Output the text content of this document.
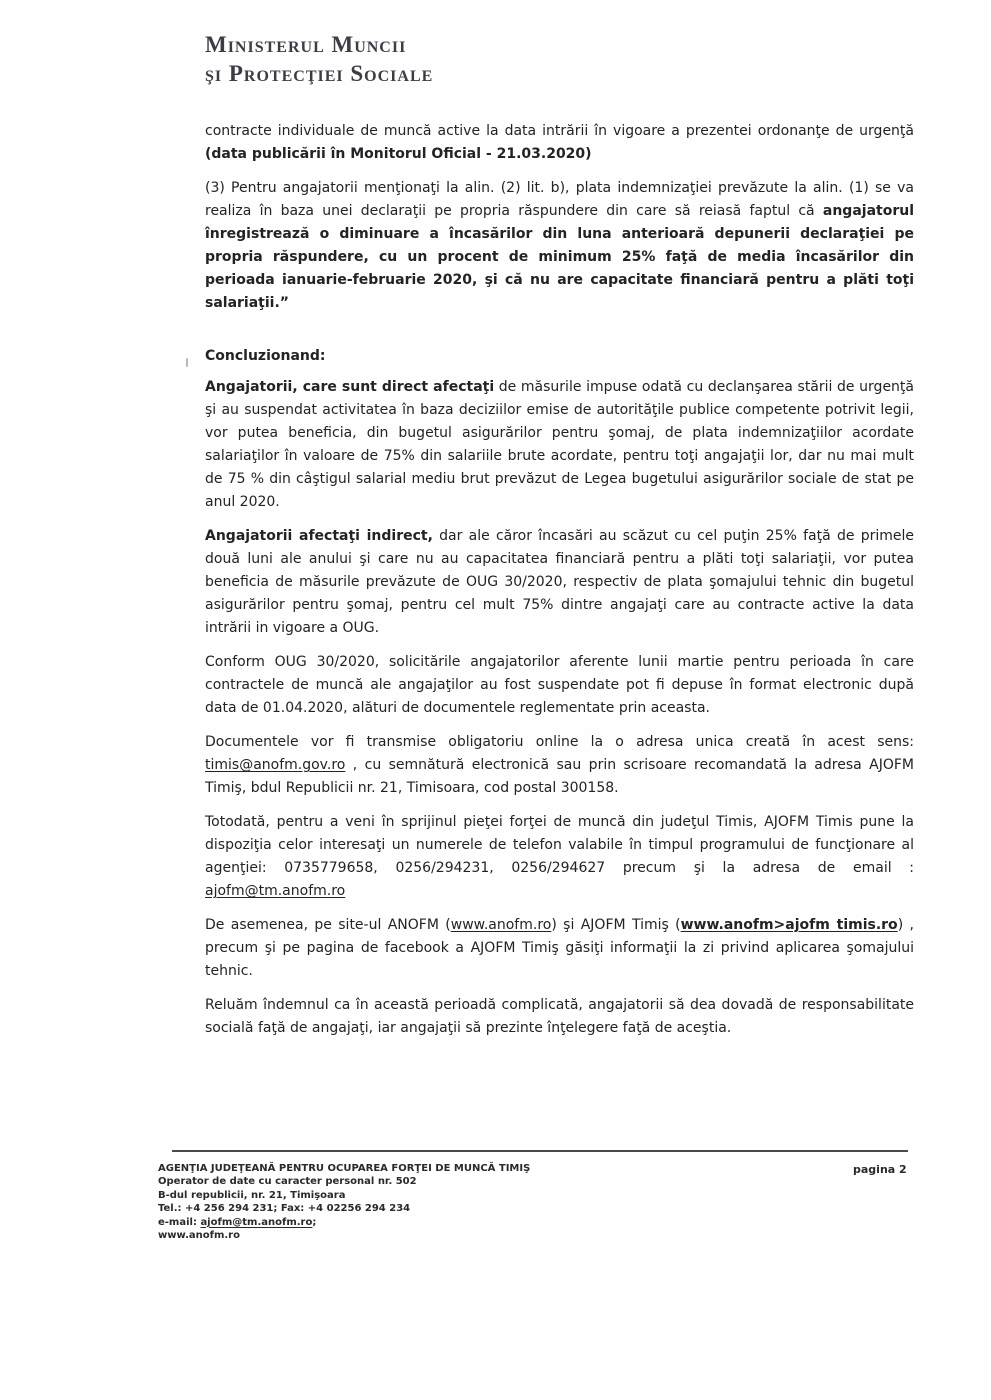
Ministerul Muncii
şi Protecţiei Sociale

contracte individuale de muncă active la data intrării în vigoare a prezentei ordonanţe de urgenţă (data publicării în Monitorul Oficial - 21.03.2020)

(3) Pentru angajatorii menţionaţi la alin. (2) lit. b), plata indemnizaţiei prevăzute la alin. (1) se va realiza în baza unei declaraţii pe propria răspundere din care să reiasă faptul că angajatorul înregistrează o diminuare a încasărilor din luna anterioară depunerii declaraţiei pe propria răspundere, cu un procent de minimum 25% faţă de media încasărilor din perioada ianuarie-februarie 2020, şi că nu are capacitate financiară pentru a plăti toţi salariaţii.”

Concluzionand:

Angajatorii, care sunt direct afectaţi de măsurile impuse odată cu declanşarea stării de urgenţă şi au suspendat activitatea în baza deciziilor emise de autorităţile publice competente potrivit legii, vor putea beneficia, din bugetul asigurărilor pentru şomaj, de plata indemnizaţiilor acordate salariaţilor în valoare de 75% din salariile brute acordate, pentru toţi angajaţii lor, dar nu mai mult de 75 % din câştigul salarial mediu brut prevăzut de Legea bugetului asigurărilor sociale de stat pe anul 2020.

Angajatorii afectaţi indirect, dar ale căror încasări au scăzut cu cel puţin 25% faţă de primele două luni ale anului şi care nu au capacitatea financiară pentru a plăti toţi salariaţii, vor putea beneficia de măsurile prevăzute de OUG 30/2020, respectiv de plata şomajului tehnic din bugetul asigurărilor pentru şomaj, pentru cel mult 75% dintre angajaţi care au contracte active la data intrării in vigoare a OUG.

Conform OUG 30/2020, solicitările angajatorilor aferente lunii martie pentru perioada în care contractele de muncă ale angajaţilor au fost suspendate pot fi depuse în format electronic după data de 01.04.2020, alături de documentele reglementate prin aceasta.

Documentele vor fi transmise obligatoriu online la o adresa unica creată în acest sens: timis@anofm.gov.ro , cu semnătură electronică sau prin scrisoare recomandată la adresa AJOFM Timiş, bdul Republicii nr. 21, Timisoara, cod postal 300158.

Totodată, pentru a veni în sprijinul pieţei forţei de muncă din judeţul Timis, AJOFM Timis pune la dispoziţia celor interesaţi un numerele de telefon valabile în timpul programului de funcţionare al agenţiei: 0735779658, 0256/294231, 0256/294627 precum şi la adresa de email : ajofm@tm.anofm.ro

De asemenea, pe site-ul ANOFM (www.anofm.ro) şi AJOFM Timiş (www.anofm>ajofm timis.ro) , precum şi pe pagina de facebook a AJOFM Timiş găsiţi informaţii la zi privind aplicarea şomajului tehnic.

Reluăm îndemnul ca în această perioadă complicată, angajatorii să dea dovadă de responsabilitate socială faţă de angajaţi, iar angajaţii să prezinte înţelegere faţă de aceştia.

AGENŢIA JUDEŢEANĂ PENTRU OCUPAREA FORŢEI DE MUNCĂ TIMIŞ
Operator de date cu caracter personal nr. 502
B-dul republicii, nr. 21, Timişoara
Tel.: +4 256 294 231; Fax: +4 02256 294 234
e-mail: ajofm@tm.anofm.ro;
www.anofm.ro
pagina 2
